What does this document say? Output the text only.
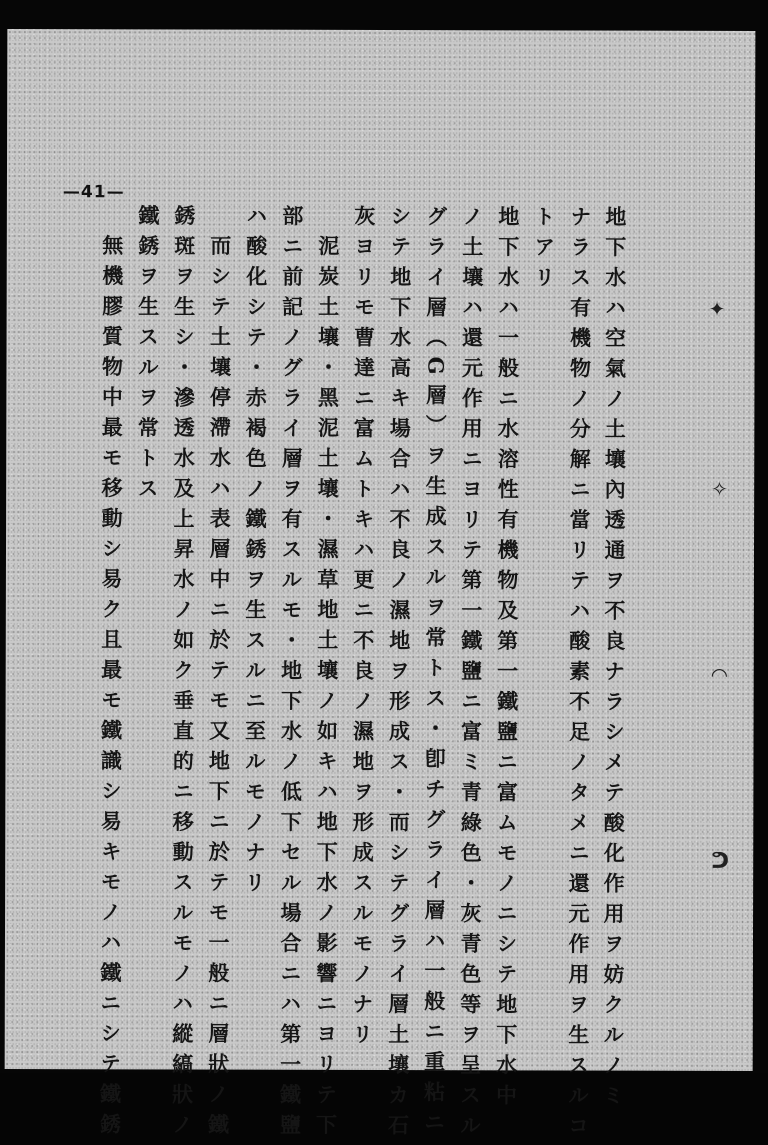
—41—
地下水ハ空氣ノ土壤內透通ヲ不良ナラシメテ酸化作用ヲ妨クルノミ
ナラス有機物ノ分解ニ當リテハ酸素不足ノタメニ還元作用ヲ生スルコ
トアリ
地下水ハ一般ニ水溶性有機物及第一鐵鹽ニ富ムモノニシテ地下水中
ノ土壤ハ還元作用ニヨリテ第一鐵鹽ニ富ミ青綠色・灰青色等ヲ呈スル
グライ層（G層）ヲ生成スルヲ常トス・卽チグライ層ハ一般ニ重粘ニ
シテ地下水高キ場合ハ不良ノ濕地ヲ形成ス・而シテグライ層土壤カ石
灰ヨリモ曹達ニ富ムトキハ更ニ不良ノ濕地ヲ形成スルモノナリ
泥炭土壤・黑泥土壤・濕草地土壤ノ如キハ地下水ノ影響ニヨリテ下
部ニ前記ノグライ層ヲ有スルモ・地下水ノ低下セル場合ニハ第一鐵鹽
ハ酸化シテ・赤褐色ノ鐵銹ヲ生スルニ至ルモノナリ
而シテ土壤停滯水ハ表層中ニ於テモ又地下ニ於テモ一般ニ層狀ノ鐵
銹斑ヲ生シ・滲透水及上昇水ノ如ク垂直的ニ移動スルモノハ縱縞狀ノ
鐵銹ヲ生スルヲ常トス
無機膠質物中最モ移動シ易ク且最モ鐵識シ易キモノハ鐵ニシテ鐵銹	✦
✧
◠
ᕤ
